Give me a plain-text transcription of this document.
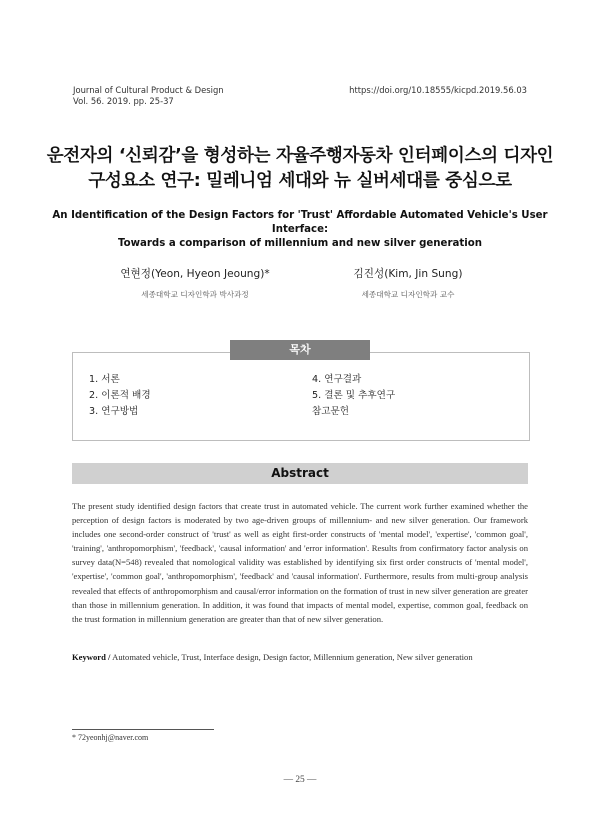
Journal of Cultural Product & Design
Vol. 56. 2019. pp. 25-37
https://doi.org/10.18555/kicpd.2019.56.03
운전자의 ‘신뢰감’을 형성하는 자율주행자동차 인터페이스의 디자인
구성요소 연구: 밀레니엄 세대와 뉴 실버세대를 중심으로
An Identification of the Design Factors for 'Trust' Affordable Automated Vehicle's User Interface:
Towards a comparison of millennium and new silver generation
연현정(Yeon, Hyeon Jeoung)*
세종대학교 디자인학과 박사과정
김진성(Kim, Jin Sung)
세종대학교 디자인학과 교수
목차
1. 서론
2. 이론적 배경
3. 연구방법
4. 연구결과
5. 결론 및 추후연구
참고문헌
Abstract
The present study identified design factors that create trust in automated vehicle. The current work further examined whether the perception of design factors is moderated by two age-driven groups of millennium- and new silver generation. Our framework includes one second-order construct of 'trust' as well as eight first-order constructs of 'mental model', 'expertise', 'common goal', 'training', 'anthropomorphism', 'feedback', 'causal information' and 'error information'. Results from confirmatory factor analysis on survey data(N=548) revealed that nomological validity was established by identifying six first order constructs of 'mental model', 'expertise', 'common goal', 'anthropomorphism', 'feedback' and 'causal information'. Furthermore, results from multi-group analysis revealed that effects of anthropomorphism and causal/error information on the formation of trust in new silver generation are greater than those in millennium generation. In addition, it was found that impacts of mental model, expertise, common goal, feedback on the trust formation in millennium generation are greater than that of new silver generation.
Keyword / Automated vehicle, Trust, Interface design, Design factor, Millennium generation, New silver generation
* 72yeonhj@naver.com
— 25 —
